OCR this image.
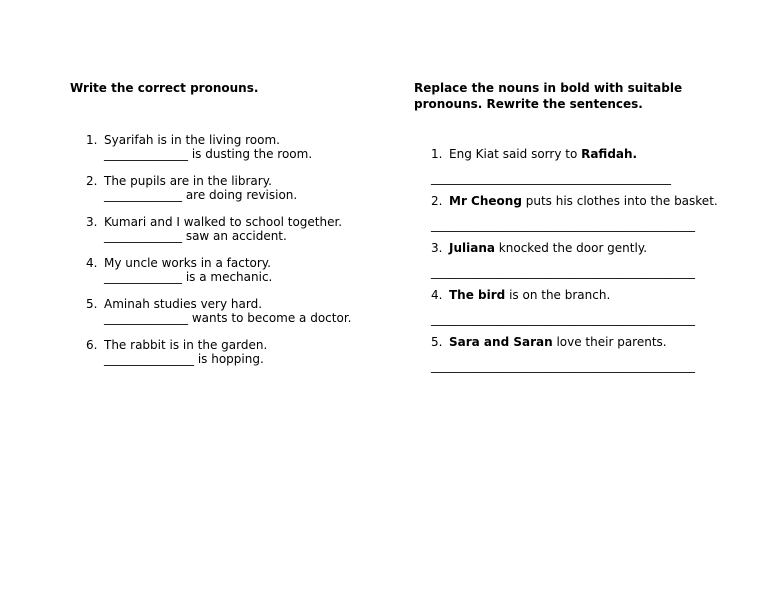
Write the correct pronouns.

1. Syarifah is in the living room.
______________ is dusting the room.
2. The pupils are in the library.
_____________ are doing revision.
3. Kumari and I walked to school together.
_____________ saw an accident.
4. My uncle works in a factory.
_____________ is a mechanic.
5. Aminah studies very hard.
______________ wants to become a doctor.
6. The rabbit is in the garden.
_______________ is hopping.

Replace the nouns in bold with suitable pronouns. Rewrite the sentences.

1. Eng Kiat said sorry to Rafidah.
________________________________________
2. Mr Cheong puts his clothes into the basket.
____________________________________________
3. Juliana knocked the door gently.
____________________________________________
4. The bird is on the branch.
____________________________________________
5. Sara and Saran love their parents.
____________________________________________
